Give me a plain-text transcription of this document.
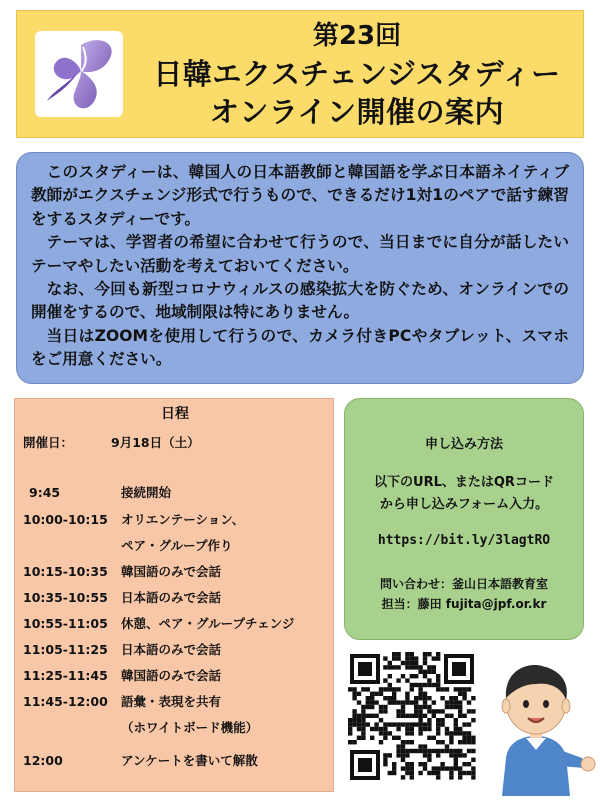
第23回
日韓エクスチェンジスタディー
オンライン開催の案内

このスタディーは、韓国人の日本語教師と韓国語を学ぶ日本語ネイティブ教師がエクスチェンジ形式で行うもので、できるだけ1対1のペアで話す練習をするスタディーです。

テーマは、学習者の希望に合わせて行うので、当日までに自分が話したいテーマやしたい活動を考えておいてください。

なお、今回も新型コロナウィルスの感染拡大を防ぐため、オンラインでの開催をするので、地域制限は特にありません。

当日はZOOMを使用して行うので、カメラ付きPCやタブレット、スマホをご用意ください。

日程
開催日：	9月18日（土）
9:45	接続開始
10:00-10:15 オリエンテーション、
ペア・グループ作り
10:15-10:35 韓国語のみで会話
10:35-10:55 日本語のみで会話
10:55-11:05 休憩、ペア・グループチェンジ
11:05-11:25 日本語のみで会話
11:25-11:45 韓国語のみで会話
11:45-12:00 語彙・表現を共有
（ホワイトボード機能）
12:00	アンケートを書いて解散
申し込み方法
以下のURL、またはQRコード
から申し込みフォーム入力。
https://bit.ly/3lagtRO
問い合わせ：釜山日本語教育室
担当：藤田 fujita@jpf.or.kr
